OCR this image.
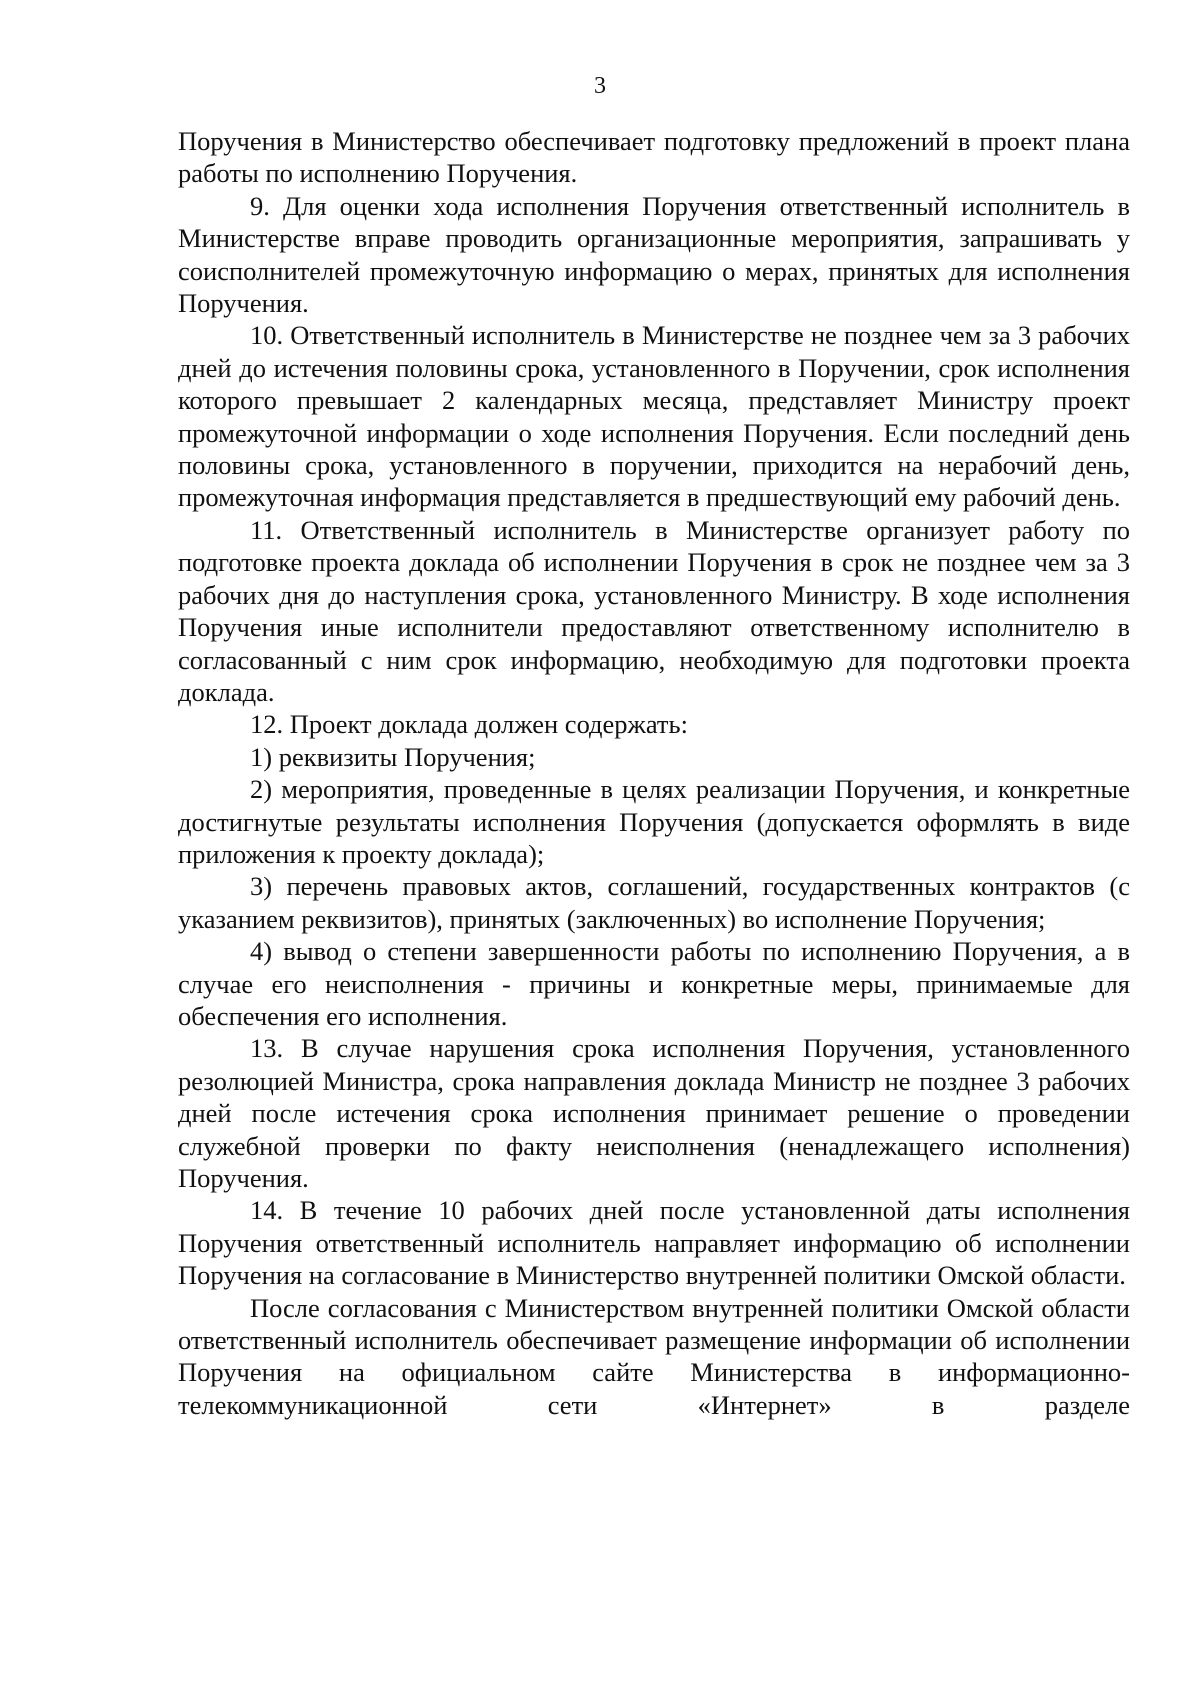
3

Поручения в Министерство обеспечивает подготовку предложений в проект плана работы по исполнению Поручения.

9. Для оценки хода исполнения Поручения ответственный исполнитель в Министерстве вправе проводить организационные мероприятия, запрашивать у соисполнителей промежуточную информацию о мерах, принятых для исполнения Поручения.

10. Ответственный исполнитель в Министерстве не позднее чем за 3 рабочих дней до истечения половины срока, установленного в Поручении, срок исполнения которого превышает 2 календарных месяца, представляет Министру проект промежуточной информации о ходе исполнения Поручения. Если последний день половины срока, установленного в поручении, приходится на нерабочий день, промежуточная информация представляется в предшествующий ему рабочий день.

11. Ответственный исполнитель в Министерстве организует работу по подготовке проекта доклада об исполнении Поручения в срок не позднее чем за 3 рабочих дня до наступления срока, установленного Министру. В ходе исполнения Поручения иные исполнители предоставляют ответственному исполнителю в согласованный с ним срок информацию, необходимую для подготовки проекта доклада.

12. Проект доклада должен содержать:

1) реквизиты Поручения;

2) мероприятия, проведенные в целях реализации Поручения, и конкретные достигнутые результаты исполнения Поручения (допускается оформлять в виде приложения к проекту доклада);

3) перечень правовых актов, соглашений, государственных контрактов (с указанием реквизитов), принятых (заключенных) во исполнение Поручения;

4) вывод о степени завершенности работы по исполнению Поручения, а в случае его неисполнения - причины и конкретные меры, принимаемые для обеспечения его исполнения.

13. В случае нарушения срока исполнения Поручения, установленного резолюцией Министра, срока направления доклада Министр не позднее 3 рабочих дней после истечения срока исполнения принимает решение о проведении служебной проверки по факту неисполнения (ненадлежащего исполнения) Поручения.

14. В течение 10 рабочих дней после установленной даты исполнения Поручения ответственный исполнитель направляет информацию об исполнении Поручения на согласование в Министерство внутренней политики Омской области.

После согласования с Министерством внутренней политики Омской области ответственный исполнитель обеспечивает размещение информации об исполнении Поручения на официальном сайте Министерства в информационно-телекоммуникационной сети «Интернет» в разделе
